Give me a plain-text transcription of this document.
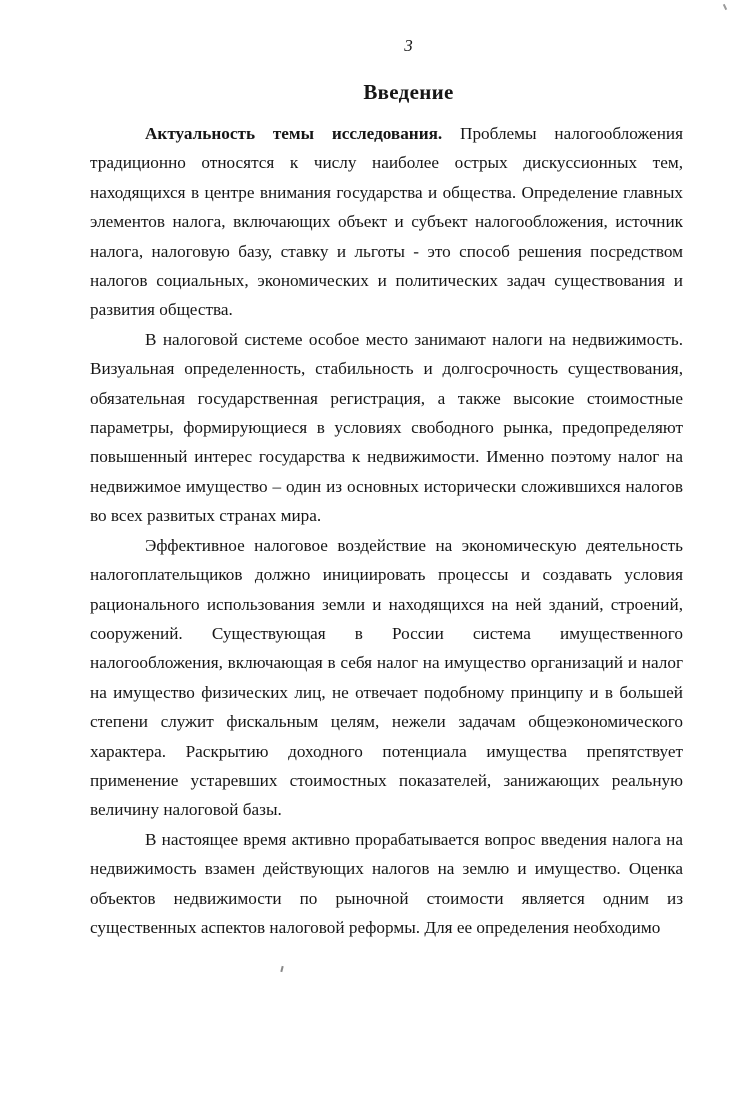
3
Введение

Актуальность темы исследования. Проблемы налогообложения традиционно относятся к числу наиболее острых дискуссионных тем, находящихся в центре внимания государства и общества. Определение главных элементов налога, включающих объект и субъект налогообложения, источник налога, налоговую базу, ставку и льготы - это способ решения посредством налогов социальных, экономических и политических задач существования и развития общества.

В налоговой системе особое место занимают налоги на недвижимость. Визуальная определенность, стабильность и долгосрочность существования, обязательная государственная регистрация, а также высокие стоимостные параметры, формирующиеся в условиях свободного рынка, предопределяют повышенный интерес государства к недвижимости. Именно поэтому налог на недвижимое имущество – один из основных исторически сложившихся налогов во всех развитых странах мира.

Эффективное налоговое воздействие на экономическую деятельность налогоплательщиков должно инициировать процессы и создавать условия рационального использования земли и находящихся на ней зданий, строений, сооружений. Существующая в России система имущественного налогообложения, включающая в себя налог на имущество организаций и налог на имущество физических лиц, не отвечает подобному принципу и в большей степени служит фискальным целям, нежели задачам общеэкономического характера. Раскрытию доходного потенциала имущества препятствует применение устаревших стоимостных показателей, занижающих реальную величину налоговой базы.

В настоящее время активно прорабатывается вопрос введения налога на недвижимость взамен действующих налогов на землю и имущество. Оценка объектов недвижимости по рыночной стоимости является одним из существенных аспектов налоговой реформы. Для ее определения необходимо
